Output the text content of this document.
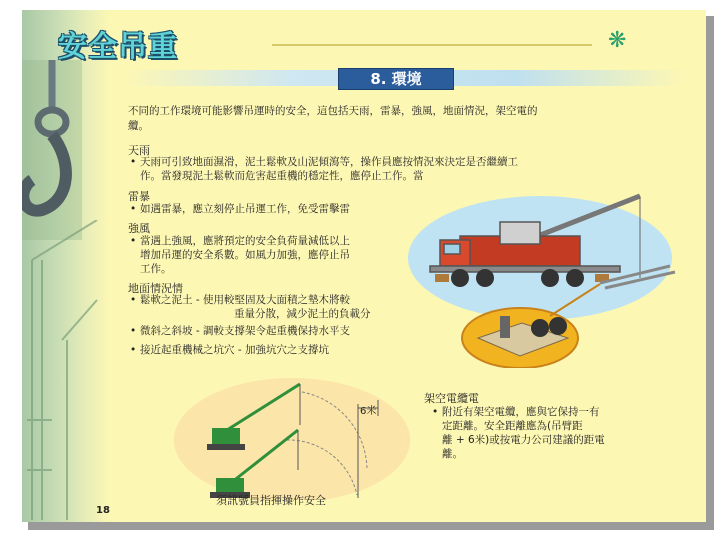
安全吊重	❋
8. 環境
不同的工作環境可能影響吊運時的安全，這包括天雨，雷暴，強風，地面情況，架空電的
纜。
天雨
• 天雨可引致地面濕滑，泥土鬆軟及山泥傾瀉等，操作員應按情況來決定是否繼續工
作。當發現泥土鬆軟而危害起重機的穩定性，應停止工作。當
雷暴
• 如遇雷暴，應立刻停止吊運工作，免受雷擊雷
強風
• 當遇上強風，應將預定的安全負荷量減低以上
增加吊運的安全系數。如風力加強，應停止吊
工作。
地面情況情
• 鬆軟之泥土 - 使用較堅固及大面積之墊木將較
重量分散，減少泥土的負載分
• 微斜之斜坡 - 調較支撐架令起重機保持水平支
• 接近起重機械之坑穴 - 加強坑穴之支撐坑
6米
須訊號員指揮操作安全
架空電纜電
• 附近有架空電纜，應與它保持一有
定距離。安全距離應為(吊臂距
離 + 6米)或按電力公司建議的距電
離。
18
